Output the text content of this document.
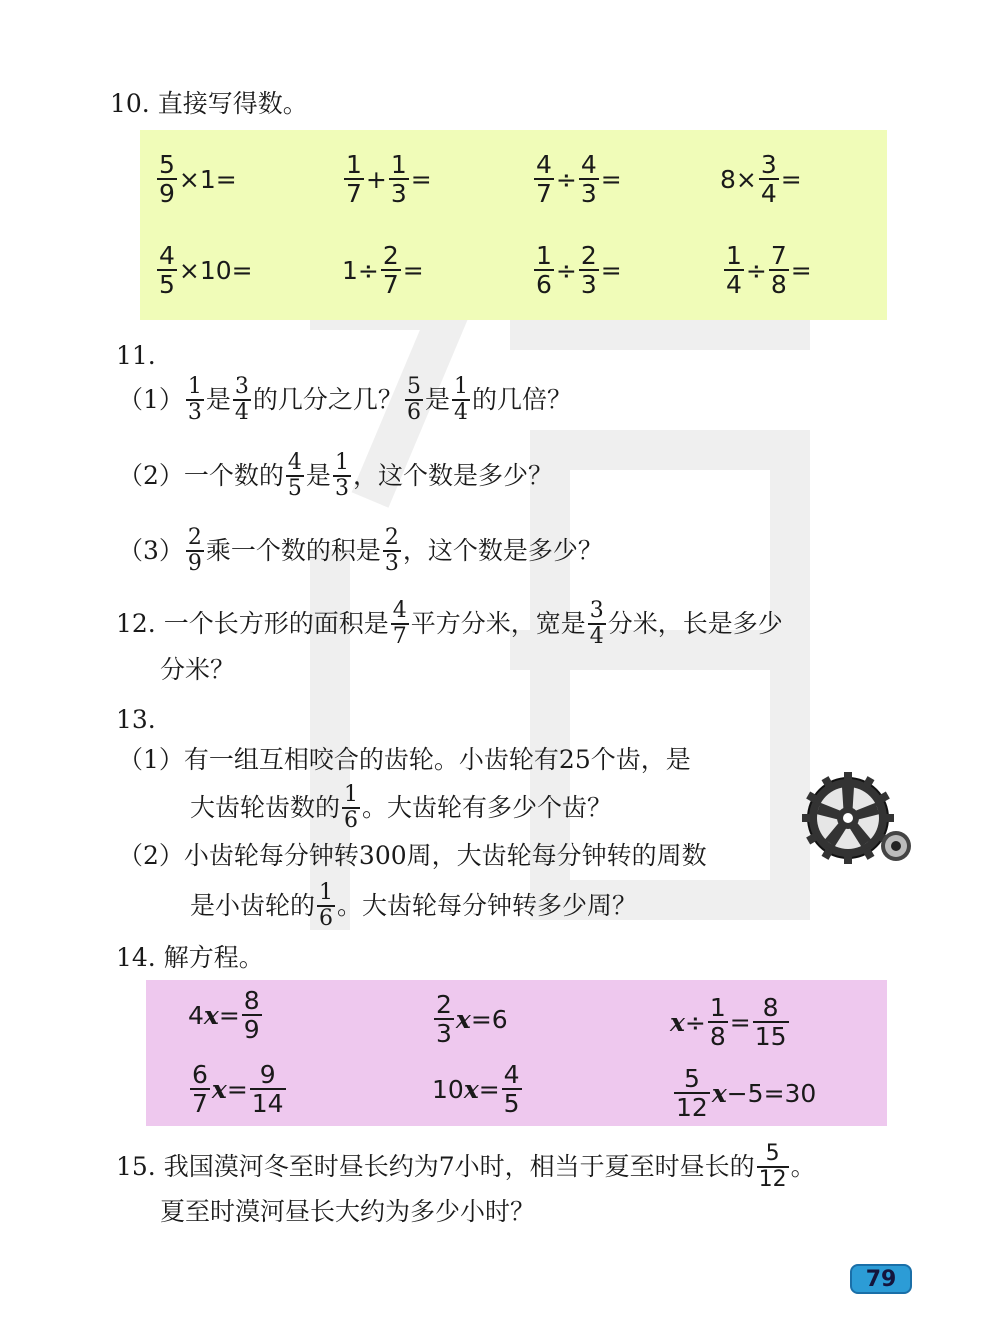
10. 直接写得数。
$\frac{5}{9} \times 1=$	$\frac{1}{7} + \frac{1}{3}$ =	$\frac{4}{7} \div \frac{4}{3}$ =	$8\times \frac{3}{4}$ =
$\frac{4}{5} \times 10=$	$1\div \frac{2}{7}$ =	$\frac{1}{6} \div \frac{2}{3}$ =	$\frac{1}{4} \div \frac{7}{8}$ =
11.
$(1) \frac{1}{3}$ 是 $\frac{3}{4}$ 的几分之几？ $\frac{5}{6}$ 是 $\frac{1}{4}$ 的几倍？
（2） 一个数的 $\frac{4}{5}$ 是 $\frac{1}{3}$ ，这个数是多少？
$(3) \frac{2}{9}$ 乘一个数的积是 $\frac{2}{3}$ ，这个数是多少？
12. 一个长方形的面积是 $\frac{4}{7}$ 平方分米，宽是 $\frac{3}{4}$ 分米，长是多少
分米？
13.
（1） 有一组互相咬合的齿轮。小齿轮有25个齿，是
大齿轮齿数的 $\frac{1}{6}$ 。大齿轮有多少个齿？
（2） 小齿轮每分钟转300周，大齿轮每分钟转的周数
是小齿轮的 $\frac{1}{6}$ 。大齿轮每分钟转多少周？
14. 解方程。
4 $x = \frac{8}{9}$	$\frac{2}{3}$ x =6	$x \div \frac{1}{8} = \frac{8}{15}$
$\frac{6}{7}$ $x = \frac{9}{14}$	10 $x = \frac{4}{5}$	$\frac{5}{12}$ x −5=30
15. 我国漠河冬至时昼长约为7小时，相当于夏至时昼长的 $\frac{5}{12}$ 。
夏至时漠河昼长大约为多少小时？
79
